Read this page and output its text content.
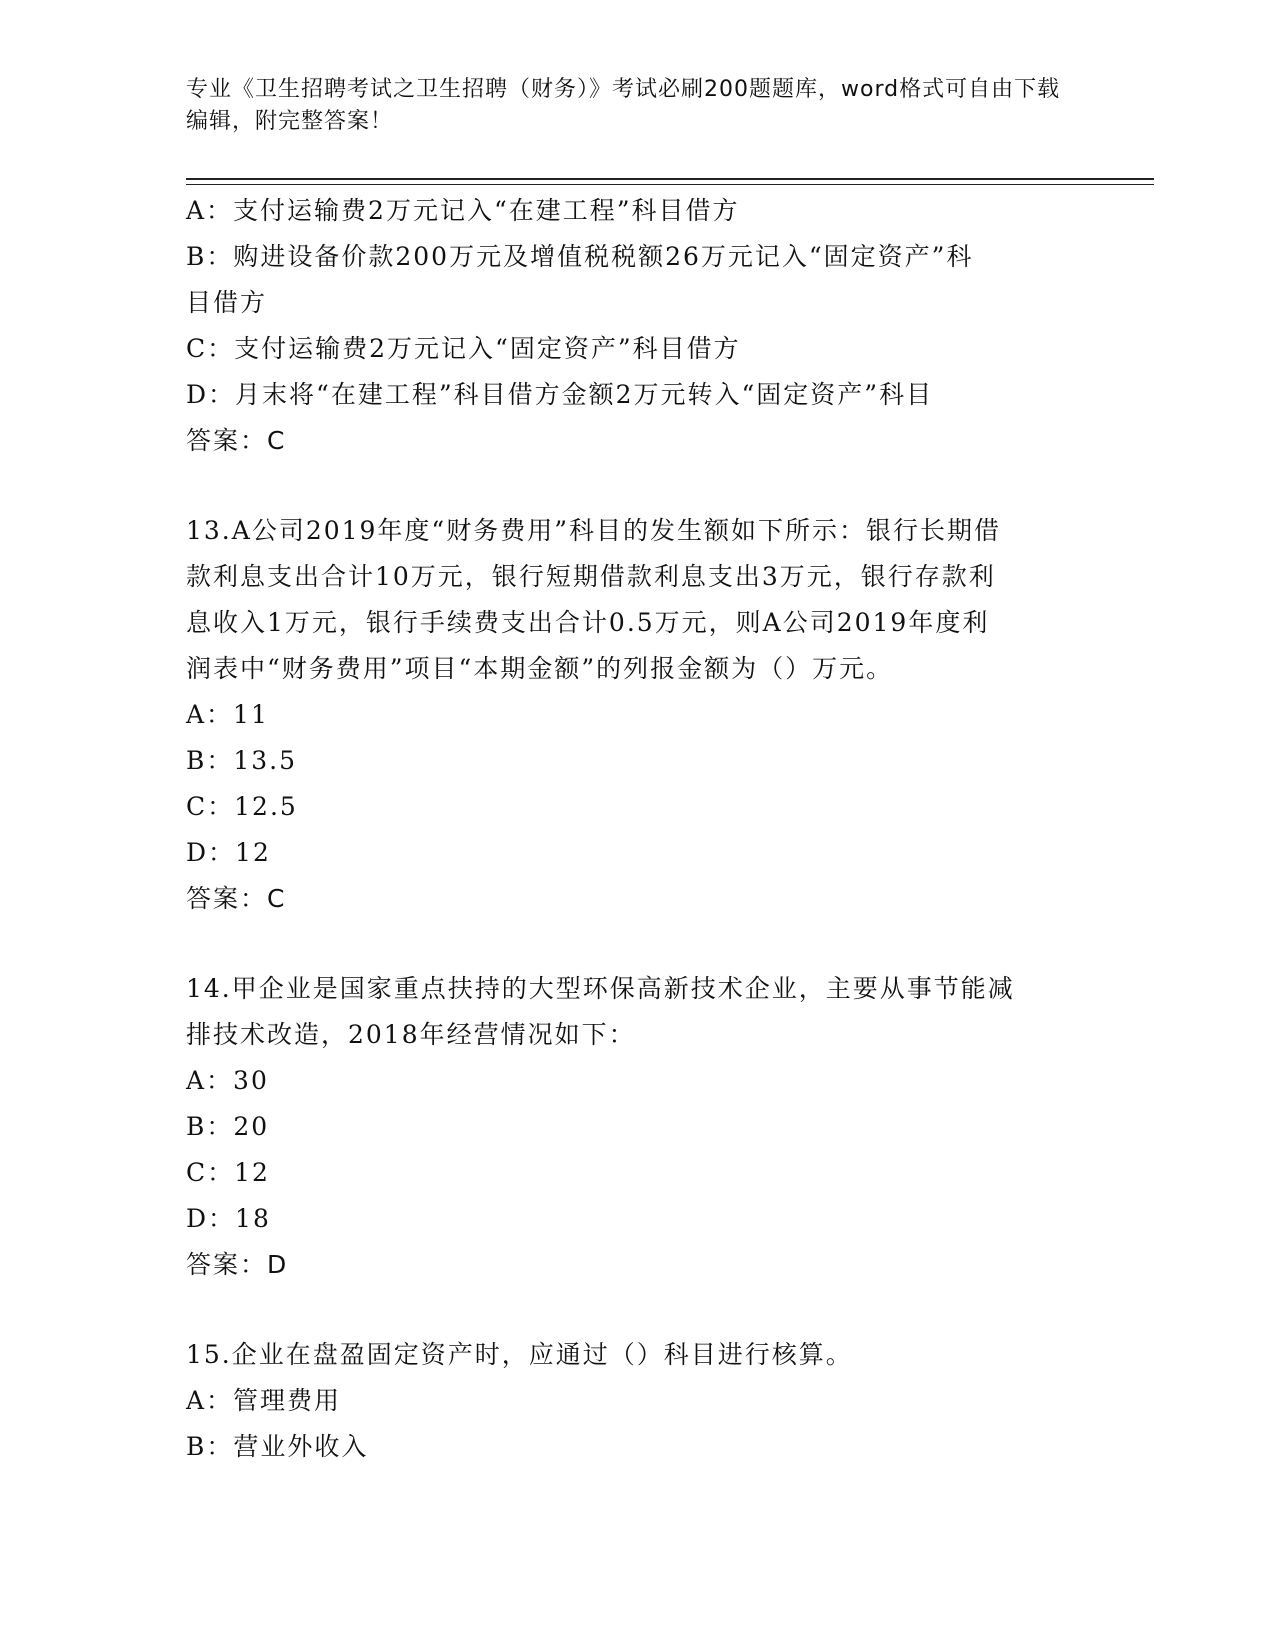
专业《卫生招聘考试之卫生招聘（财务）》考试必刷200题题库，word格式可自由下载编辑，附完整答案！

A：支付运输费2万元记入“在建工程”科目借方

B：购进设备价款200万元及增值税税额26万元记入“固定资产”科

目借方

C：支付运输费2万元记入“固定资产”科目借方

D：月末将“在建工程”科目借方金额2万元转入“固定资产”科目

答案：C

13.A公司2019年度“财务费用”科目的发生额如下所示：银行长期借

款利息支出合计10万元，银行短期借款利息支出3万元，银行存款利

息收入1万元，银行手续费支出合计0.5万元，则A公司2019年度利

润表中“财务费用”项目“本期金额”的列报金额为（）万元。

A：11

B：13.5

C：12.5

D：12

答案：C

14.甲企业是国家重点扶持的大型环保高新技术企业，主要从事节能减

排技术改造，2018年经营情况如下：

A：30

B：20

C：12

D：18

答案：D

15.企业在盘盈固定资产时，应通过（）科目进行核算。

A：管理费用

B：营业外收入
